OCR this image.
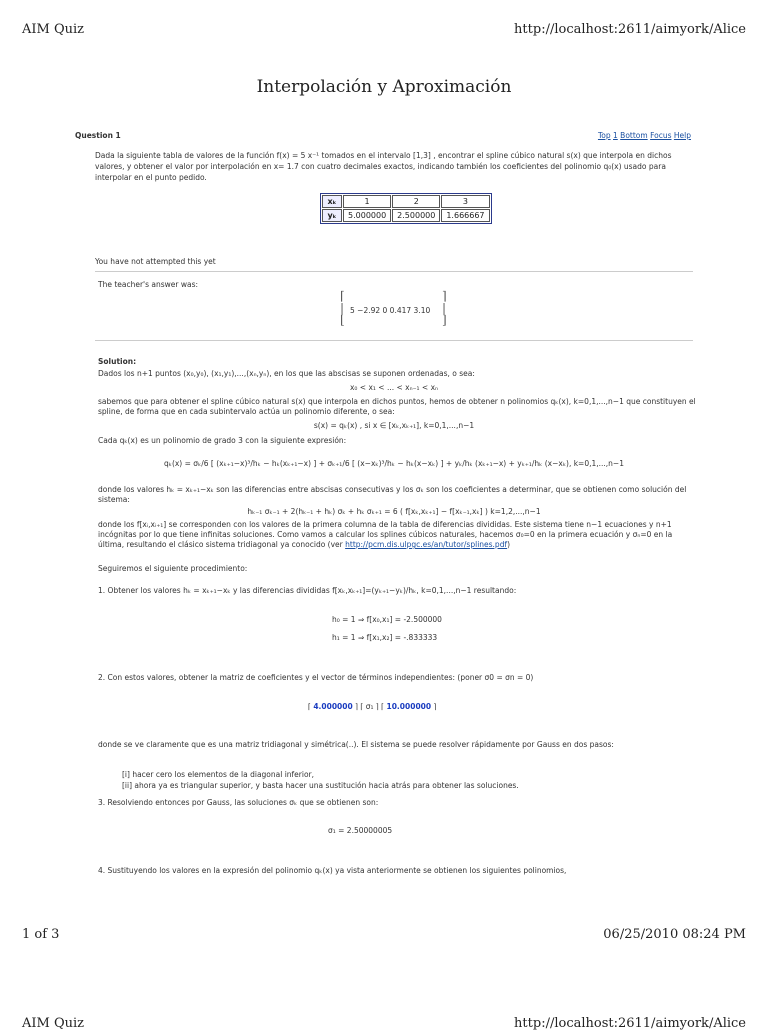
AIM Quiz	http://localhost:2611/aimyork/Alice
Interpolación y Aproximación
Question 1	Top 1 Bottom Focus Help
Dada la siguiente tabla de valores de la función f(x) = 5 x⁻¹ tomados en el intervalo [1,3] , encontrar el spline cúbico natural s(x) que interpola en dichos valores, y obtener el valor por interpolación en x= 1.7 con cuatro decimales exactos, indicando también los coeficientes del polinomio q₀(x) usado para interpolar en el punto pedido.
xₖ	1	2	3
yₖ	5.000000	2.500000	1.666667
You have not attempted this yet
The teacher's answer was:
⌈
|
⌊
5 −2.92 0 0.417 3.10
⌉
|
⌋
Solution:
Dados los n+1 puntos (x₀,y₀), (x₁,y₁),...,(xₙ,yₙ), en los que las abscisas se suponen ordenadas, o sea:
x₀ < x₁ < ... < xₙ₋₁ < xₙ
sabemos que para obtener el spline cúbico natural s(x) que interpola en dichos puntos, hemos de obtener n polinomios qₖ(x), k=0,1,...,n−1 que constituyen el spline, de forma que en cada subintervalo actúa un polinomio diferente, o sea:
s(x) = qₖ(x) , si x ∈ [xₖ,xₖ₊₁], k=0,1,...,n−1
Cada qₖ(x) es un polinomio de grado 3 con la siguiente expresión:
qₖ(x) = σₖ/6 [ (xₖ₊₁−x)³/hₖ − hₖ(xₖ₊₁−x) ] + σₖ₊₁/6 [ (x−xₖ)³/hₖ − hₖ(x−xₖ) ] + yₖ/hₖ (xₖ₊₁−x) + yₖ₊₁/hₖ (x−xₖ), k=0,1,...,n−1
donde los valores hₖ = xₖ₊₁−xₖ son las diferencias entre abscisas consecutivas y los σₖ son los coeficientes a determinar, que se obtienen como solución del sistema:
hₖ₋₁ σₖ₋₁ + 2(hₖ₋₁ + hₖ) σₖ + hₖ σₖ₊₁ = 6 ( f[xₖ,xₖ₊₁] − f[xₖ₋₁,xₖ] ) k=1,2,...,n−1
donde los f[xᵢ,xᵢ₊₁] se corresponden con los valores de la primera columna de la tabla de diferencias divididas. Este sistema tiene n−1 ecuaciones y n+1 incógnitas por lo que tiene infinitas soluciones. Como vamos a calcular los splines cúbicos naturales, hacemos σ₀=0 en la primera ecuación y σₙ=0 en la última, resultando el clásico sistema tridiagonal ya conocido (ver http://pcm.dis.ulpgc.es/an/tutor/splines.pdf)
Seguiremos el siguiente procedimiento:
1. Obtener los valores hₖ = xₖ₊₁−xₖ y las diferencias divididas f[xₖ,xₖ₊₁]=(yₖ₊₁−yₖ)/hₖ, k=0,1,...,n−1 resultando:
h₀ = 1 ⇒ f[x₀,x₁] = -2.500000
h₁ = 1 ⇒ f[x₁,x₂] = -.833333
2. Con estos valores, obtener la matriz de coeficientes y el vector de términos independientes: (poner σ0 = σn = 0)
⌈ 4.000000 ⌉ ⌈ σ₁ ⌉ ⌈ 10.000000 ⌉
donde se ve claramente que es una matriz tridiagonal y simétrica(..). El sistema se puede resolver rápidamente por Gauss en dos pasos:
[i] hacer cero los elementos de la diagonal inferior,
[ii] ahora ya es triangular superior, y basta hacer una sustitución hacia atrás para obtener las soluciones.
3. Resolviendo entonces por Gauss, las soluciones σₖ que se obtienen son:
σ₁ = 2.50000005
4. Sustituyendo los valores en la expresión del polinomio qₖ(x) ya vista anteriormente se obtienen los siguientes polinomios,
1 of 3	06/25/2010 08:24 PM
AIM Quiz	http://localhost:2611/aimyork/Alice
